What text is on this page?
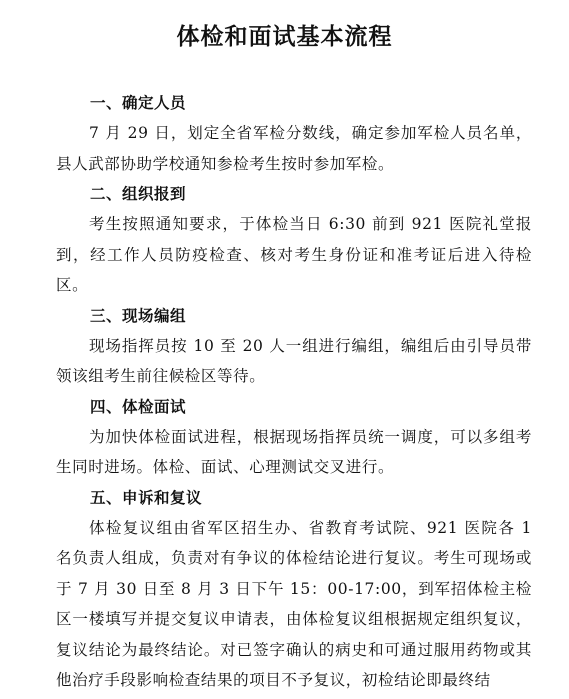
体检和面试基本流程
一、确定人员
7 月 29 日，划定全省军检分数线，确定参加军检人员名单，县人武部协助学校通知参检考生按时参加军检。
二、组织报到
考生按照通知要求，于体检当日 6:30 前到 921 医院礼堂报到，经工作人员防疫检查、核对考生身份证和准考证后进入待检区。
三、现场编组
现场指挥员按 10 至 20 人一组进行编组，编组后由引导员带领该组考生前往候检区等待。
四、体检面试
为加快体检面试进程，根据现场指挥员统一调度，可以多组考生同时进场。体检、面试、心理测试交叉进行。
五、申诉和复议
体检复议组由省军区招生办、省教育考试院、921 医院各 1 名负责人组成，负责对有争议的体检结论进行复议。考生可现场或于 7 月 30 日至 8 月 3 日下午 15：00-17:00，到军招体检主检区一楼填写并提交复议申请表，由体检复议组根据规定组织复议，复议结论为最终结论。对已签字确认的病史和可通过服用药物或其他治疗手段影响检查结果的项目不予复议，初检结论即最终结
